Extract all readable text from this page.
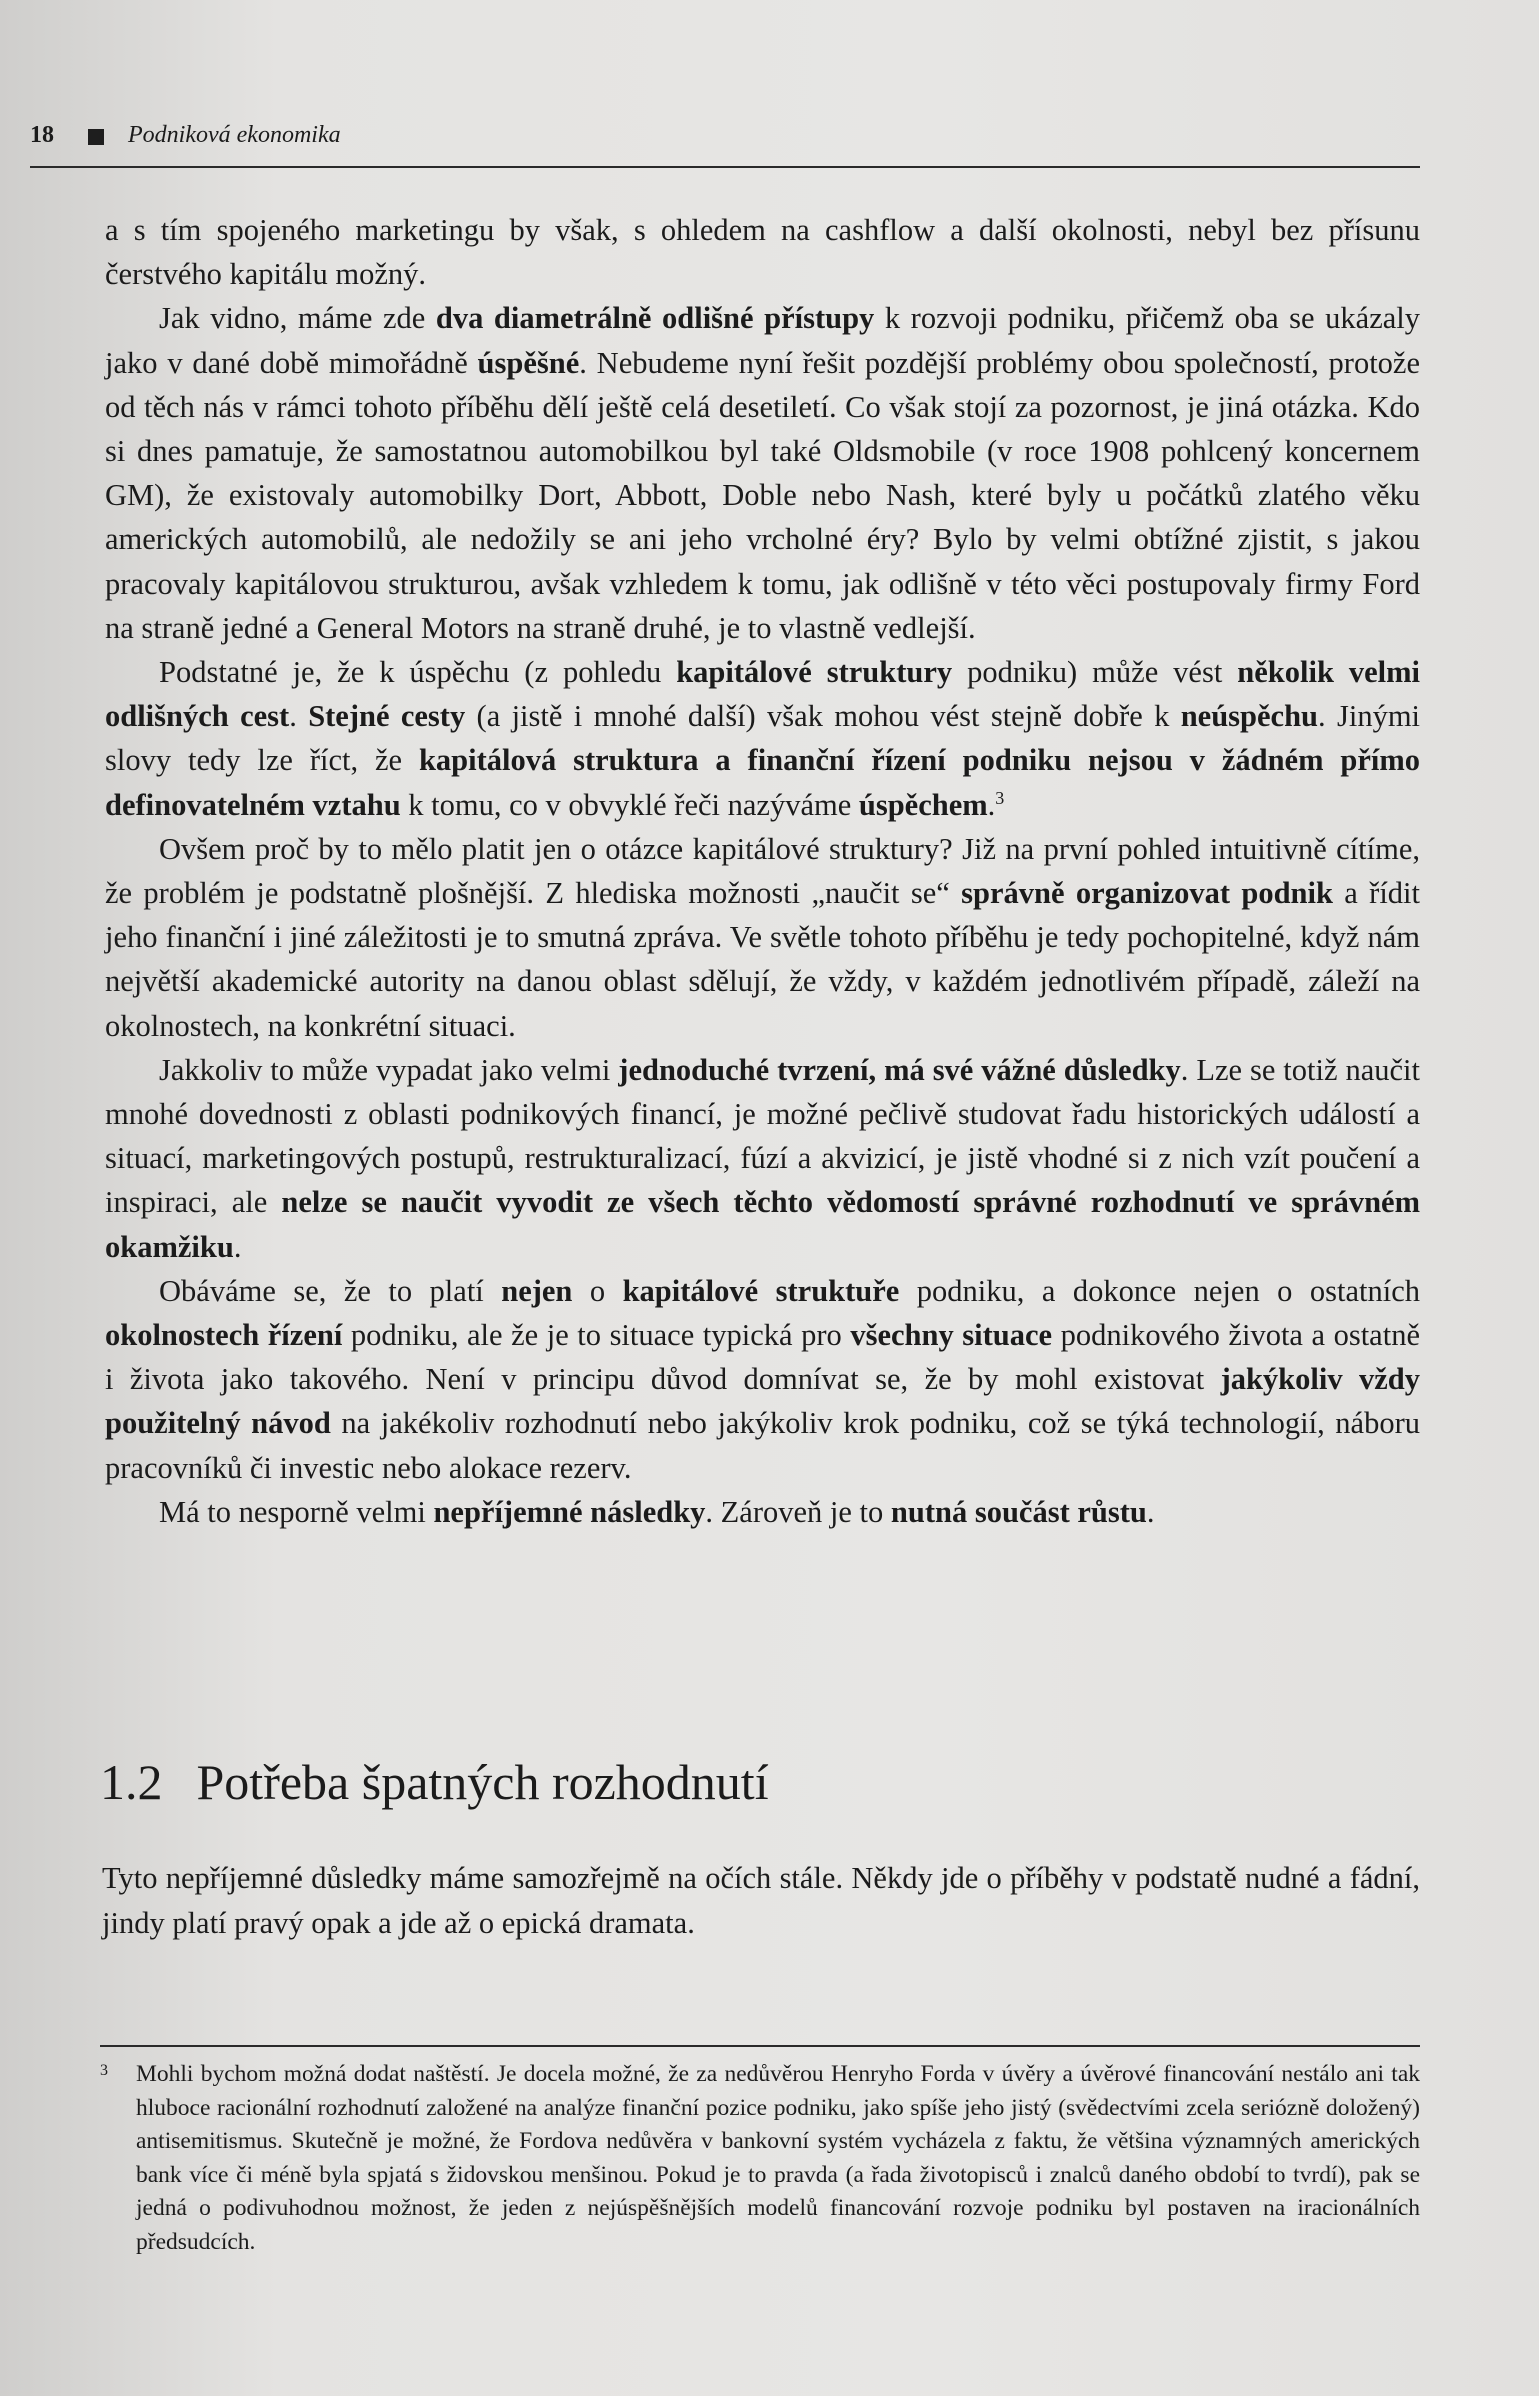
18	Podniková ekonomika

a s tím spojeného marketingu by však, s ohledem na cashflow a další okolnosti, nebyl bez přísunu čerstvého kapitálu možný.

Jak vidno, máme zde dva diametrálně odlišné přístupy k rozvoji podniku, přičemž oba se ukázaly jako v dané době mimořádně úspěšné. Nebudeme nyní řešit pozdější problémy obou společností, protože od těch nás v rámci tohoto příběhu dělí ještě celá desetiletí. Co však stojí za pozornost, je jiná otázka. Kdo si dnes pamatuje, že samostatnou automobilkou byl také Oldsmobile (v roce 1908 pohlcený koncernem GM), že existovaly automobilky Dort, Abbott, Doble nebo Nash, které byly u počátků zlatého věku amerických automobilů, ale nedožily se ani jeho vrcholné éry? Bylo by velmi obtížné zjistit, s jakou pracovaly kapitálovou strukturou, avšak vzhledem k tomu, jak odlišně v této věci postupovaly firmy Ford na straně jedné a General Motors na straně druhé, je to vlastně vedlejší.

Podstatné je, že k úspěchu (z pohledu kapitálové struktury podniku) může vést několik velmi odlišných cest. Stejné cesty (a jistě i mnohé další) však mohou vést stejně dobře k neúspěchu. Jinými slovy tedy lze říct, že kapitálová struktura a finanční řízení podniku nejsou v žádném přímo definovatelném vztahu k tomu, co v obvyklé řeči nazýváme úspěchem.$^3$

Ovšem proč by to mělo platit jen o otázce kapitálové struktury? Již na první pohled intuitivně cítíme, že problém je podstatně plošnější. Z hlediska možnosti „naučit se“ správně organizovat podnik a řídit jeho finanční i jiné záležitosti je to smutná zpráva. Ve světle tohoto příběhu je tedy pochopitelné, když nám největší akademické autority na danou oblast sdělují, že vždy, v každém jednotlivém případě, záleží na okolnostech, na konkrétní situaci.

Jakkoliv to může vypadat jako velmi jednoduché tvrzení, má své vážné důsledky. Lze se totiž naučit mnohé dovednosti z oblasti podnikových financí, je možné pečlivě studovat řadu historických událostí a situací, marketingových postupů, restrukturalizací, fúzí a akvizicí, je jistě vhodné si z nich vzít poučení a inspiraci, ale nelze se naučit vyvodit ze všech těchto vědomostí správné rozhodnutí ve správném okamžiku.

Obáváme se, že to platí nejen o kapitálové struktuře podniku, a dokonce nejen o ostatních okolnostech řízení podniku, ale že je to situace typická pro všechny situace podnikového života a ostatně i života jako takového. Není v principu důvod domnívat se, že by mohl existovat jakýkoliv vždy použitelný návod na jakékoliv rozhodnutí nebo jakýkoliv krok podniku, což se týká technologií, náboru pracovníků či investic nebo alokace rezerv.

Má to nesporně velmi nepříjemné následky. Zároveň je to nutná součást růstu.

1.2 Potřeba špatných rozhodnutí

Tyto nepříjemné důsledky máme samozřejmě na očích stále. Někdy jde o příběhy v podstatě nudné a fádní, jindy platí pravý opak a jde až o epická dramata.

3 Mohli bychom možná dodat naštěstí. Je docela možné, že za nedůvěrou Henryho Forda v úvěry a úvěrové financování nestálo ani tak hluboce racionální rozhodnutí založené na analýze finanční pozice podniku, jako spíše jeho jistý (svědectvími zcela seriózně doložený) antisemitismus. Skutečně je možné, že Fordova nedůvěra v bankovní systém vycházela z faktu, že většina významných amerických bank více či méně byla spjatá s židovskou menšinou. Pokud je to pravda (a řada životopisců i znalců daného období to tvrdí), pak se jedná o podivuhodnou možnost, že jeden z nejúspěšnějších modelů financování rozvoje podniku byl postaven na iracionálních předsudcích.
